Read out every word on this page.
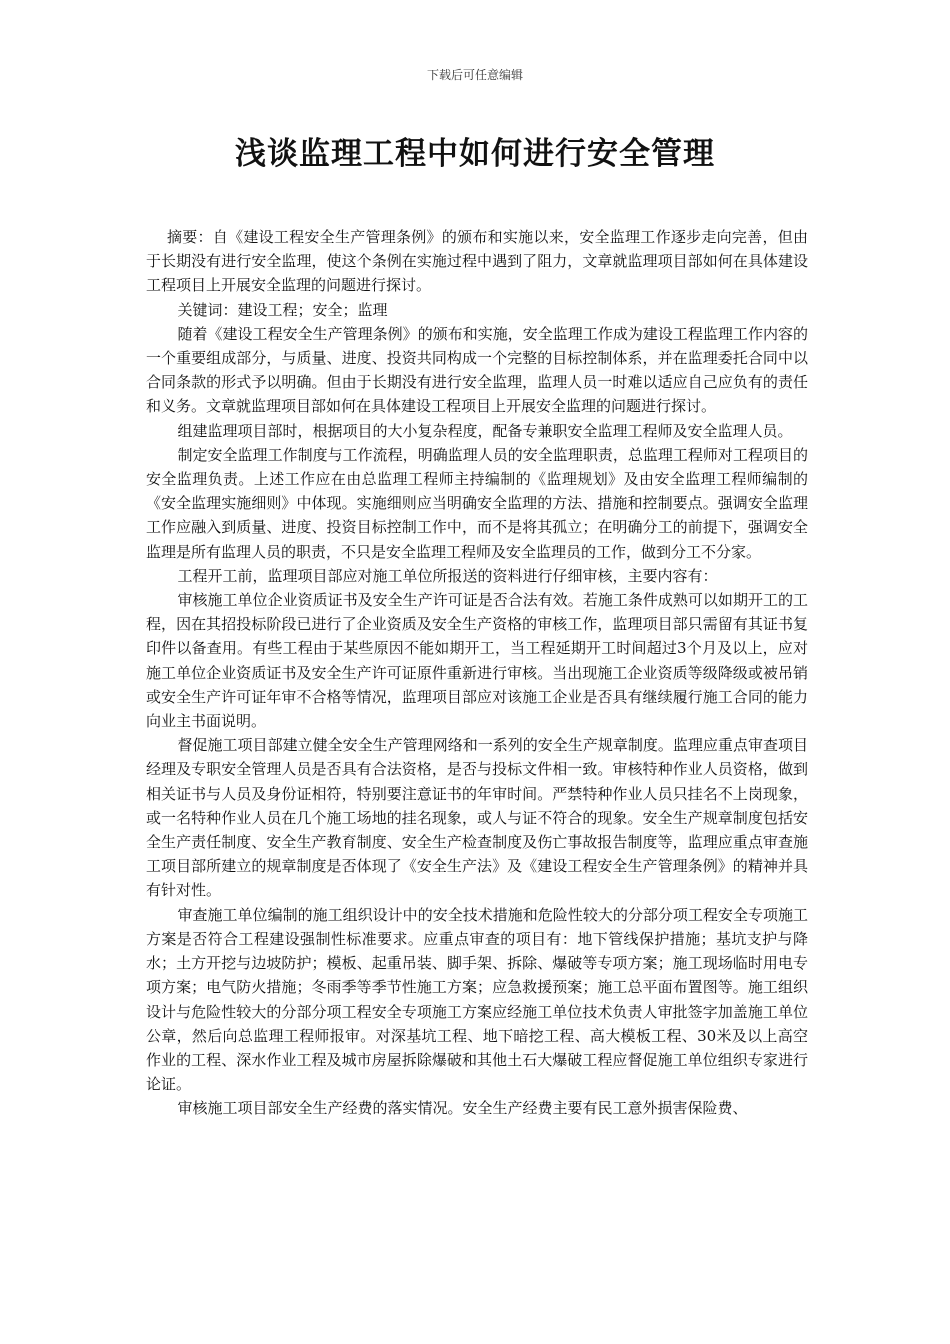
下载后可任意编辑
浅谈监理工程中如何进行安全管理

摘要：自《建设工程安全生产管理条例》的颁布和实施以来，安全监理工作逐步走向完善，但由于长期没有进行安全监理，使这个条例在实施过程中遇到了阻力，文章就监理项目部如何在具体建设工程项目上开展安全监理的问题进行探讨。

关键词：建设工程；安全；监理

随着《建设工程安全生产管理条例》的颁布和实施，安全监理工作成为建设工程监理工作内容的一个重要组成部分，与质量、进度、投资共同构成一个完整的目标控制体系，并在监理委托合同中以合同条款的形式予以明确。但由于长期没有进行安全监理，监理人员一时难以适应自己应负有的责任和义务。文章就监理项目部如何在具体建设工程项目上开展安全监理的问题进行探讨。

组建监理项目部时，根据项目的大小复杂程度，配备专兼职安全监理工程师及安全监理人员。

制定安全监理工作制度与工作流程，明确监理人员的安全监理职责，总监理工程师对工程项目的安全监理负责。上述工作应在由总监理工程师主持编制的《监理规划》及由安全监理工程师编制的《安全监理实施细则》中体现。实施细则应当明确安全监理的方法、措施和控制要点。强调安全监理工作应融入到质量、进度、投资目标控制工作中，而不是将其孤立；在明确分工的前提下，强调安全监理是所有监理人员的职责，不只是安全监理工程师及安全监理员的工作，做到分工不分家。

工程开工前，监理项目部应对施工单位所报送的资料进行仔细审核，主要内容有：

审核施工单位企业资质证书及安全生产许可证是否合法有效。若施工条件成熟可以如期开工的工程，因在其招投标阶段已进行了企业资质及安全生产资格的审核工作，监理项目部只需留有其证书复印件以备查用。有些工程由于某些原因不能如期开工，当工程延期开工时间超过3个月及以上，应对施工单位企业资质证书及安全生产许可证原件重新进行审核。当出现施工企业资质等级降级或被吊销或安全生产许可证年审不合格等情况，监理项目部应对该施工企业是否具有继续履行施工合同的能力向业主书面说明。

督促施工项目部建立健全安全生产管理网络和一系列的安全生产规章制度。监理应重点审查项目经理及专职安全管理人员是否具有合法资格，是否与投标文件相一致。审核特种作业人员资格，做到相关证书与人员及身份证相符，特别要注意证书的年审时间。严禁特种作业人员只挂名不上岗现象，或一名特种作业人员在几个施工场地的挂名现象，或人与证不符合的现象。安全生产规章制度包括安全生产责任制度、安全生产教育制度、安全生产检查制度及伤亡事故报告制度等，监理应重点审查施工项目部所建立的规章制度是否体现了《安全生产法》及《建设工程安全生产管理条例》的精神并具有针对性。

审查施工单位编制的施工组织设计中的安全技术措施和危险性较大的分部分项工程安全专项施工方案是否符合工程建设强制性标准要求。应重点审查的项目有：地下管线保护措施；基坑支护与降水；土方开挖与边坡防护；模板、起重吊装、脚手架、拆除、爆破等专项方案；施工现场临时用电专项方案；电气防火措施；冬雨季等季节性施工方案；应急救援预案；施工总平面布置图等。施工组织设计与危险性较大的分部分项工程安全专项施工方案应经施工单位技术负责人审批签字加盖施工单位公章，然后向总监理工程师报审。对深基坑工程、地下暗挖工程、高大模板工程、30米及以上高空作业的工程、深水作业工程及城市房屋拆除爆破和其他土石大爆破工程应督促施工单位组织专家进行论证。

审核施工项目部安全生产经费的落实情况。安全生产经费主要有民工意外损害保险费、
